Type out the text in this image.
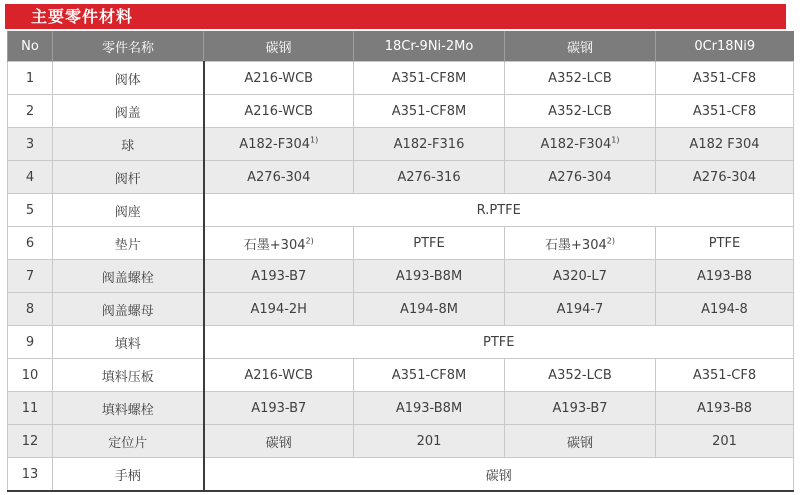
主要零件材料
No	零件名称	碳钢	18Cr-9Ni-2Mo	碳钢	0Cr18Ni9
1	阀体	A216-WCB	A351-CF8M	A352-LCB	A351-CF8
2	阀盖	A216-WCB	A351-CF8M	A352-LCB	A351-CF8
3	球	A182-F304$^{1)}$	A182-F316	A182-F304$^{1)}$	A182 F304
4	阀杆	A276-304	A276-316	A276-304	A276-304
5	阀座	R.PTFE			
6	垫片	石墨$+304^{2)}$	PTFE	石墨$+304^{2)}$	PTFE
7	阀盖螺栓	A193-B7	A193-B8M	A320-L7	A193-B8
8	阀盖螺母	A194-2H	A194-8M	A194-7	A194-8
9	填料	PTFE			
10	填料压板	A216-WCB	A351-CF8M	A352-LCB	A351-CF8
11	填料螺栓	A193-B7	A193-B8M	A193-B7	A193-B8
12	定位片	碳钢	201	碳钢	201
13	手柄	碳钢			
